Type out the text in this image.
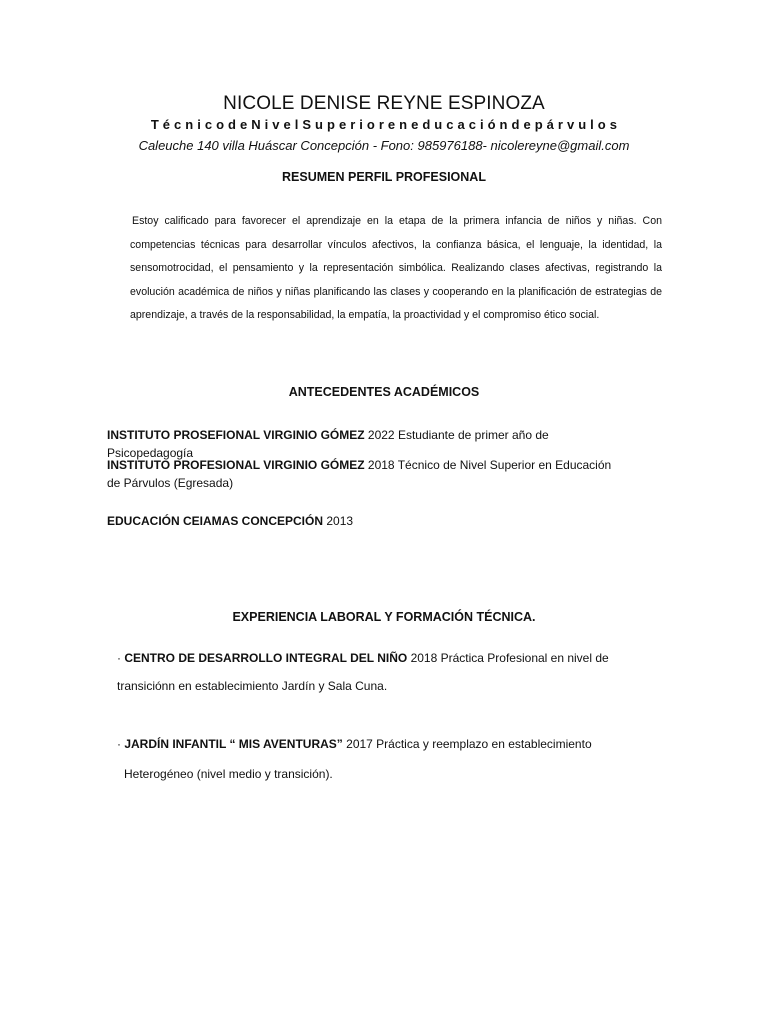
NICOLE DENISE REYNE ESPINOZA
T é c n i c o d e N i v e l S u p e r i o r e n e d u c a c i ó n d e p á r v u l o s
Caleuche 140 villa Huáscar Concepción - Fono: 985976188- nicolereyne@gmail.com
RESUMEN PERFIL PROFESIONAL
Estoy calificado para favorecer el aprendizaje en la etapa de la primera infancia de niños y niñas. Con competencias técnicas para desarrollar vínculos afectivos, la confianza básica, el lenguaje, la identidad, la sensomotrocidad, el pensamiento y la representación simbólica. Realizando clases afectivas, registrando la evolución académica de niños y niñas planificando las clases y cooperando en la planificación de estrategias de aprendizaje, a través de la responsabilidad, la empatía, la proactividad y el compromiso ético social.
ANTECEDENTES ACADÉMICOS
INSTITUTO PROSEFIONAL VIRGINIO GÓMEZ 2022 Estudiante de primer año de Psicopedagogía
INSTITUTO PROFESIONAL VIRGINIO GÓMEZ 2018 Técnico de Nivel Superior en Educación
de Párvulos (Egresada)
EDUCACIÓN CEIAMAS CONCEPCIÓN 2013
EXPERIENCIA LABORAL Y FORMACIÓN TÉCNICA.
· CENTRO DE DESARROLLO INTEGRAL DEL NIÑO 2018 Práctica Profesional en nivel de
transiciónn en establecimiento Jardín y Sala Cuna.
· JARDÍN INFANTIL “ MIS AVENTURAS” 2017 Práctica y reemplazo en establecimiento
Heterogéneo (nivel medio y transición).
